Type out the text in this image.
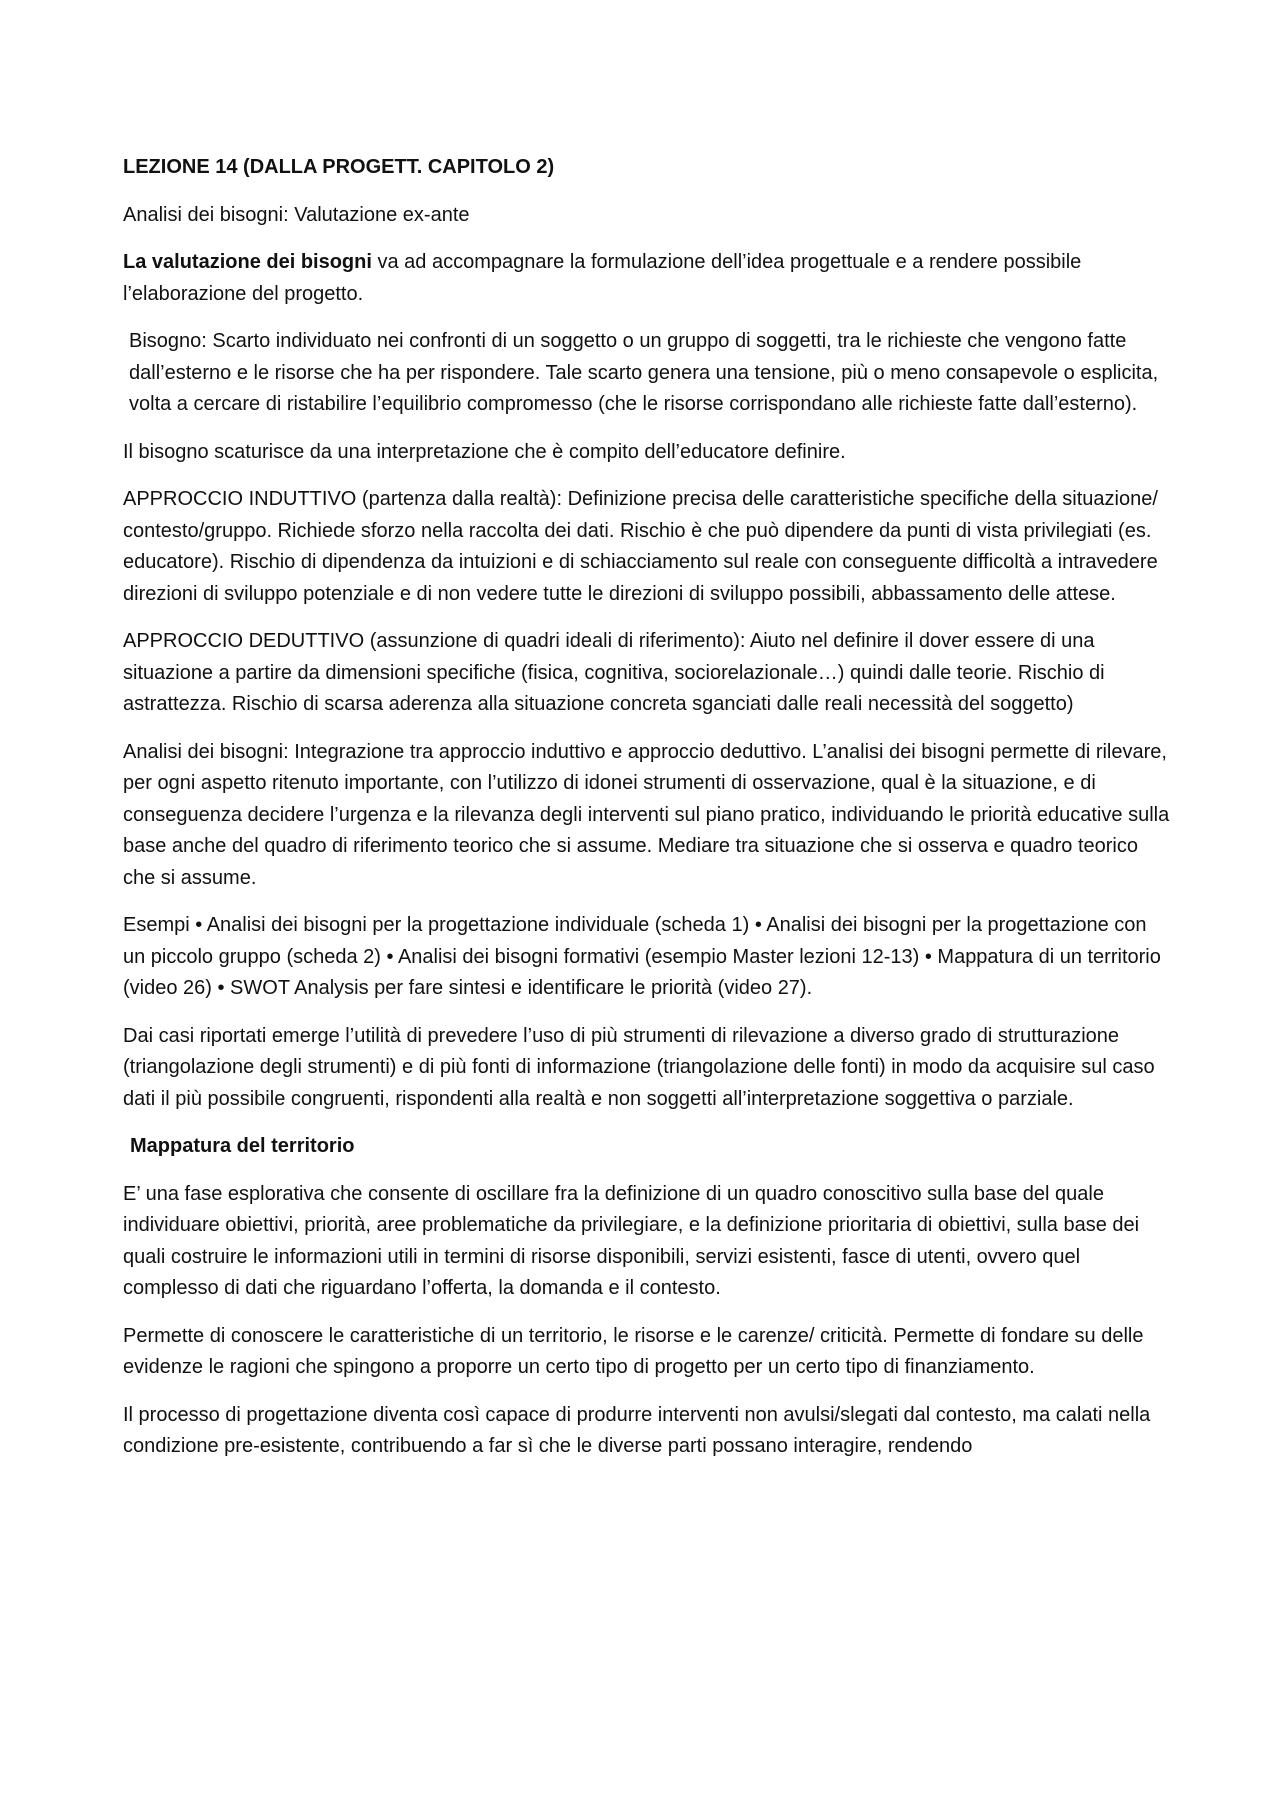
LEZIONE 14 (DALLA PROGETT. CAPITOLO 2)

Analisi dei bisogni: Valutazione ex-ante

La valutazione dei bisogni va ad accompagnare la formulazione dell’idea progettuale e a rendere possibile l’elaborazione del progetto.

Bisogno: Scarto individuato nei confronti di un soggetto o un gruppo di soggetti, tra le richieste che vengono fatte dall’esterno e le risorse che ha per rispondere. Tale scarto genera una tensione, più o meno consapevole o esplicita, volta a cercare di ristabilire l’equilibrio compromesso (che le risorse corrispondano alle richieste fatte dall’esterno).

Il bisogno scaturisce da una interpretazione che è compito dell’educatore definire.

APPROCCIO INDUTTIVO (partenza dalla realtà): Definizione precisa delle caratteristiche specifiche della situazione/ contesto/gruppo. Richiede sforzo nella raccolta dei dati. Rischio è che può dipendere da punti di vista privilegiati (es. educatore). Rischio di dipendenza da intuizioni e di schiacciamento sul reale con conseguente difficoltà a intravedere direzioni di sviluppo potenziale e di non vedere tutte le direzioni di sviluppo possibili, abbassamento delle attese.

APPROCCIO DEDUTTIVO (assunzione di quadri ideali di riferimento): Aiuto nel definire il dover essere di una situazione a partire da dimensioni specifiche (fisica, cognitiva, sociorelazionale…) quindi dalle teorie. Rischio di astrattezza. Rischio di scarsa aderenza alla situazione concreta sganciati dalle reali necessità del soggetto)

Analisi dei bisogni: Integrazione tra approccio induttivo e approccio deduttivo. L’analisi dei bisogni permette di rilevare, per ogni aspetto ritenuto importante, con l’utilizzo di idonei strumenti di osservazione, qual è la situazione, e di conseguenza decidere l’urgenza e la rilevanza degli interventi sul piano pratico, individuando le priorità educative sulla base anche del quadro di riferimento teorico che si assume. Mediare tra situazione che si osserva e quadro teorico che si assume.

Esempi • Analisi dei bisogni per la progettazione individuale (scheda 1) • Analisi dei bisogni per la progettazione con un piccolo gruppo (scheda 2) • Analisi dei bisogni formativi (esempio Master lezioni 12-13) • Mappatura di un territorio (video 26) • SWOT Analysis per fare sintesi e identificare le priorità (video 27).

Dai casi riportati emerge l’utilità di prevedere l’uso di più strumenti di rilevazione a diverso grado di strutturazione (triangolazione degli strumenti) e di più fonti di informazione (triangolazione delle fonti) in modo da acquisire sul caso dati il più possibile congruenti, rispondenti alla realtà e non soggetti all’interpretazione soggettiva o parziale.

Mappatura del territorio

E’ una fase esplorativa che consente di oscillare fra la definizione di un quadro conoscitivo sulla base del quale individuare obiettivi, priorità, aree problematiche da privilegiare, e la definizione prioritaria di obiettivi, sulla base dei quali costruire le informazioni utili in termini di risorse disponibili, servizi esistenti, fasce di utenti, ovvero quel complesso di dati che riguardano l’offerta, la domanda e il contesto.

Permette di conoscere le caratteristiche di un territorio, le risorse e le carenze/ criticità. Permette di fondare su delle evidenze le ragioni che spingono a proporre un certo tipo di progetto per un certo tipo di finanziamento.

Il processo di progettazione diventa così capace di produrre interventi non avulsi/slegati dal contesto, ma calati nella condizione pre-esistente, contribuendo a far sì che le diverse parti possano interagire, rendendo
